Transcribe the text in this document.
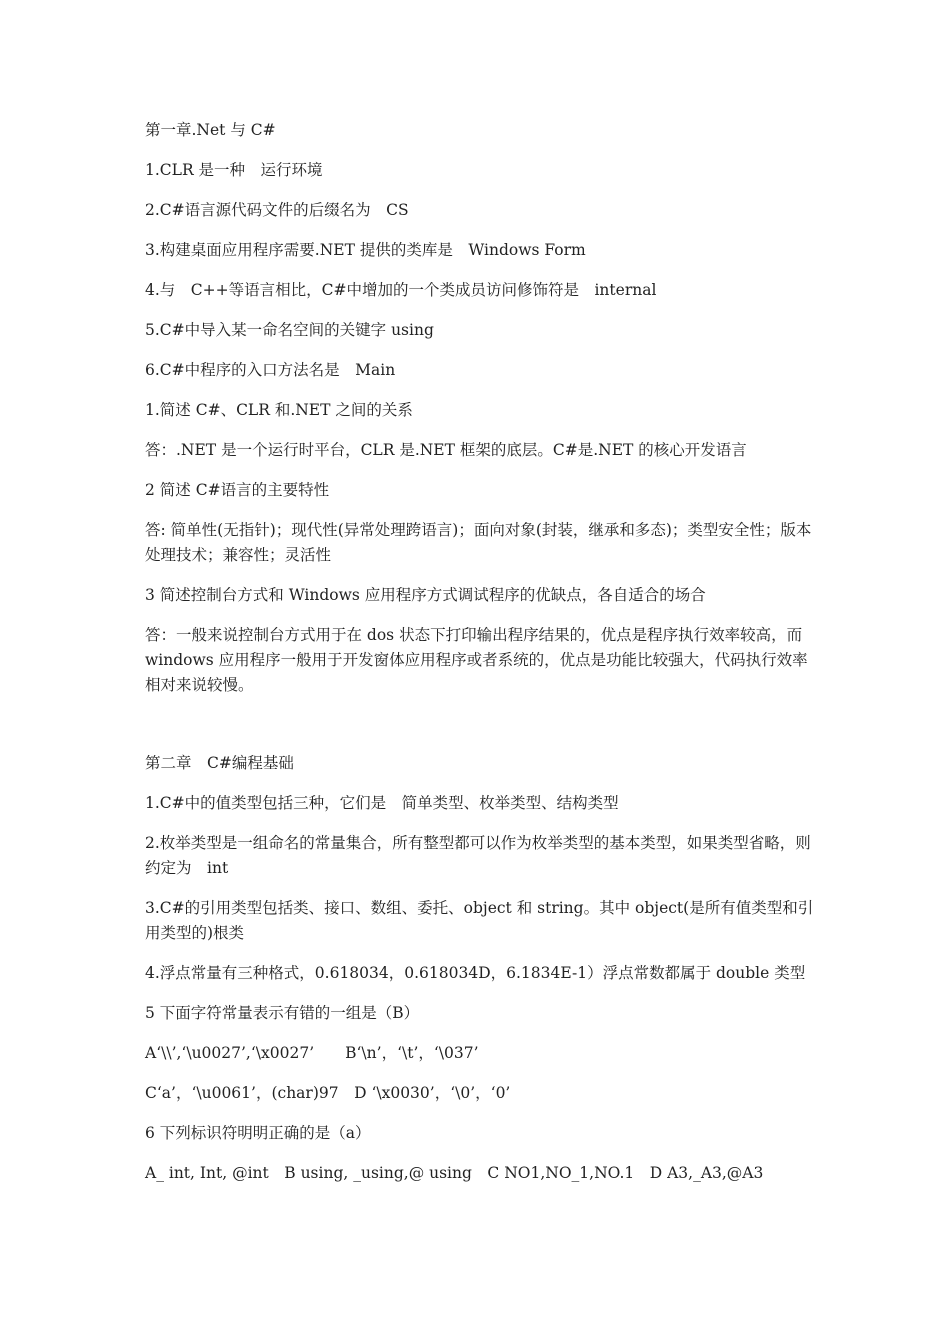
第一章.Net 与 C#

1.CLR 是一种　运行环境

2.C#语言源代码文件的后缀名为　CS

3.构建桌面应用程序需要.NET 提供的类库是　Windows Form

4.与　C++等语言相比，C#中增加的一个类成员访问修饰符是　internal

5.C#中导入某一命名空间的关键字 using

6.C#中程序的入口方法名是　Main

1.简述 C#、CLR 和.NET 之间的关系

答：.NET 是一个运行时平台，CLR 是.NET 框架的底层。C#是.NET 的核心开发语言

2 简述 C#语言的主要特性

答: 简单性(无指针)；现代性(异常处理跨语言)；面向对象(封装，继承和多态)；类型安全性；版本处理技术；兼容性；灵活性

3 简述控制台方式和 Windows 应用程序方式调试程序的优缺点，各自适合的场合

答：一般来说控制台方式用于在 dos 状态下打印输出程序结果的，优点是程序执行效率较高，而 windows 应用程序一般用于开发窗体应用程序或者系统的，优点是功能比较强大，代码执行效率相对来说较慢。

第二章　C#编程基础

1.C#中的值类型包括三种，它们是　简单类型、枚举类型、结构类型

2.枚举类型是一组命名的常量集合，所有整型都可以作为枚举类型的基本类型，如果类型省略，则约定为　int

3.C#的引用类型包括类、接口、数组、委托、object 和 string。其中 object(是所有值类型和引用类型的)根类

4.浮点常量有三种格式，0.618034，0.618034D，6.1834E-1）浮点常数都属于 double 类型

5 下面字符常量表示有错的一组是（B）

A‘\\’,‘\u0027’,‘\x0027’　　B‘\n’，‘\t’，‘\037’

C‘a’，‘\u0061’，(char)97　D ‘\x0030’，‘\0’，‘0’

6 下列标识符明明正确的是（a）

A_ int, Int, @int　B using, _using,@ using　C NO1,NO_1,NO.1　D A3,_A3,@A3
